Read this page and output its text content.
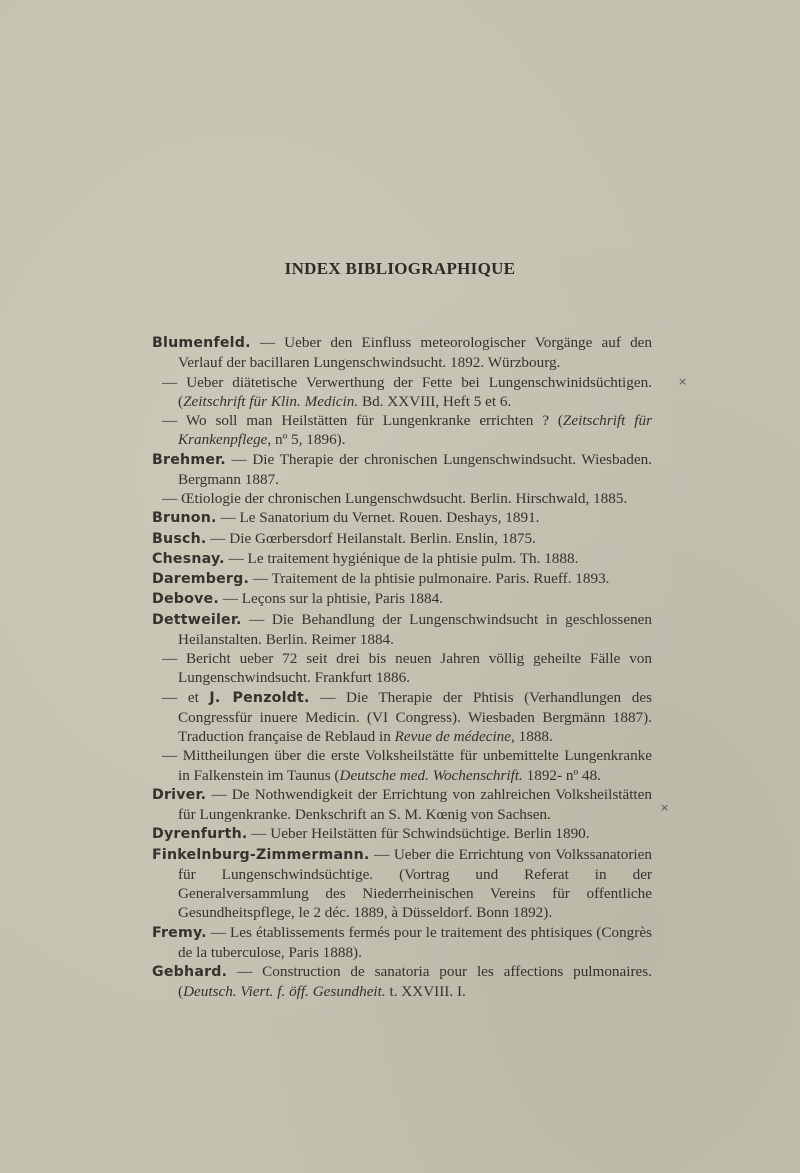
INDEX BIBLIOGRAPHIQUE

Blumenfeld. — Ueber den Einfluss meteorologischer Vorgänge auf den Verlauf der bacillaren Lungenschwindsucht. 1892. Würzbourg.

— Ueber diätetische Verwerthung der Fette bei Lungenschwinidsüchtigen. (Zeitschrift für Klin. Medicin. Bd. XXVIII, Heft 5 et 6.

— Wo soll man Heilstätten für Lungenkranke errichten ? (Zeitschrift für Krankenpflege, nº 5, 1896).

Brehmer. — Die Therapie der chronischen Lungenschwindsucht. Wiesbaden. Bergmann 1887.

— Œtiologie der chronischen Lungenschwdsucht. Berlin. Hirschwald, 1885.

Brunon. — Le Sanatorium du Vernet. Rouen. Deshays, 1891.

Busch. — Die Gœrbersdorf Heilanstalt. Berlin. Enslin, 1875.

Chesnay. — Le traitement hygiénique de la phtisie pulm. Th. 1888.

Daremberg. — Traitement de la phtisie pulmonaire. Paris. Rueff. 1893.

Debove. — Leçons sur la phtisie, Paris 1884.

Dettweiler. — Die Behandlung der Lungenschwindsucht in geschlossenen Heilanstalten. Berlin. Reimer 1884.

— Bericht ueber 72 seit drei bis neuen Jahren völlig geheilte Fälle von Lungenschwindsucht. Frankfurt 1886.

— et J. Penzoldt. — Die Therapie der Phtisis (Verhandlungen des Congressfür inuere Medicin. (VI Congress). Wiesbaden Bergmänn 1887). Traduction française de Reblaud in Revue de médecine, 1888.

— Mittheilungen über die erste Volksheilstätte für unbemittelte Lungenkranke in Falkenstein im Taunus (Deutsche med. Wochenschrift. 1892- nº 48.

Driver. — De Nothwendigkeit der Errichtung von zahlreichen Volksheilstätten für Lungenkranke. Denkschrift an S. M. Kœnig von Sachsen.

Dyrenfurth. — Ueber Heilstätten für Schwindsüchtige. Berlin 1890.

Finkelnburg-Zimmermann. — Ueber die Errichtung von Volkssanatorien für Lungenschwindsüchtige. (Vortrag und Referat in der Generalversammlung des Niederrheinischen Vereins für offentliche Gesundheitspflege, le 2 déc. 1889, à Düsseldorf. Bonn 1892).

Fremy. — Les établissements fermés pour le traitement des phtisiques (Congrès de la tuberculose, Paris 1888).

Gebhard. — Construction de sanatoria pour les affections pulmonaires. (Deutsch. Viert. f. öff. Gesundheit. t. XXVIII. I.

×
×
